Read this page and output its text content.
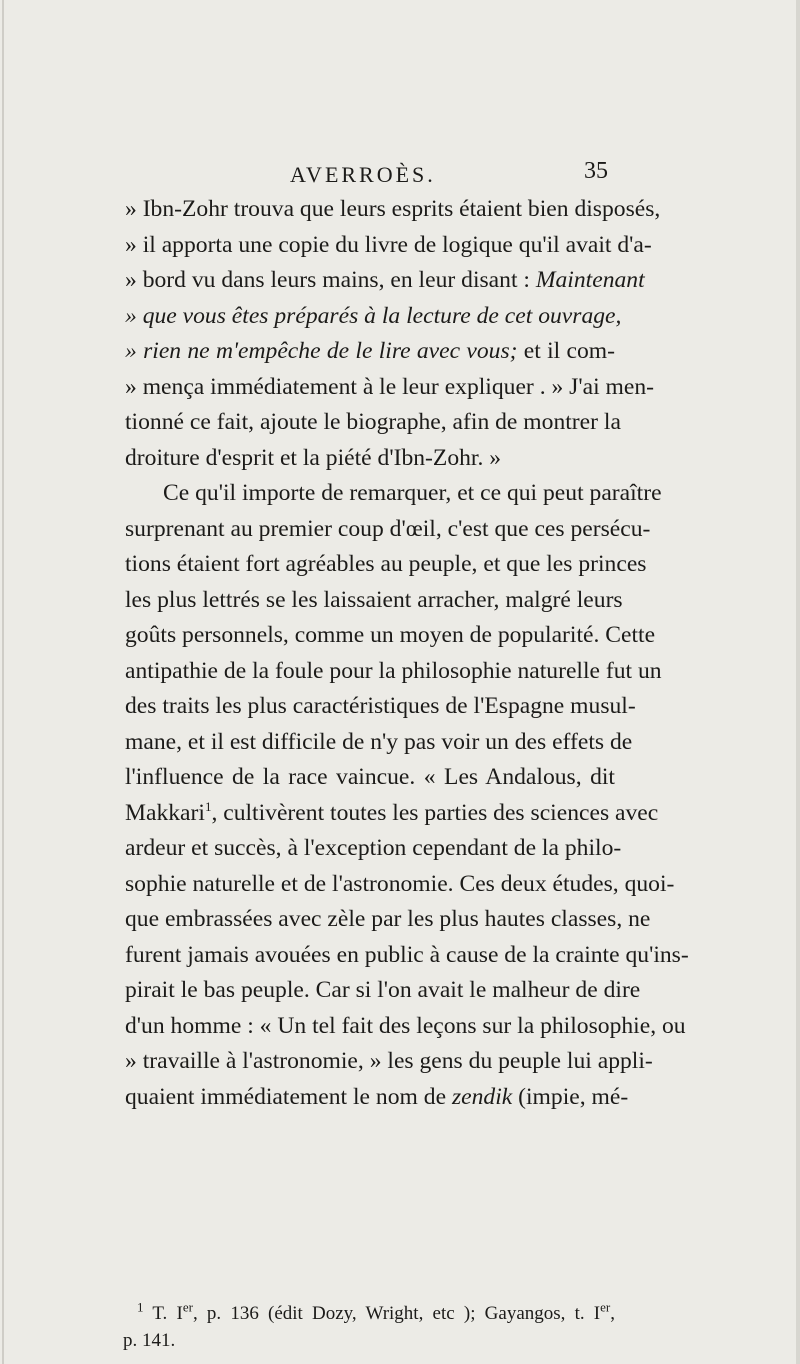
AVERROÈS.	35
» Ibn-Zohr trouva que leurs esprits étaient bien disposés,
» il apporta une copie du livre de logique qu'il avait d'a-
» bord vu dans leurs mains, en leur disant : Maintenant
» que vous êtes préparés à la lecture de cet ouvrage,
» rien ne m'empêche de le lire avec vous; et il com-
» mença immédiatement à le leur expliquer . » J'ai men-
tionné ce fait, ajoute le biographe, afin de montrer la
droiture d'esprit et la piété d'Ibn-Zohr. »
Ce qu'il importe de remarquer, et ce qui peut paraître
surprenant au premier coup d'œil, c'est que ces persécu-
tions étaient fort agréables au peuple, et que les princes
les plus lettrés se les laissaient arracher, malgré leurs
goûts personnels, comme un moyen de popularité. Cette
antipathie de la foule pour la philosophie naturelle fut un
des traits les plus caractéristiques de l'Espagne musul-
mane, et il est difficile de n'y pas voir un des effets de
l'influence de la race vaincue. « Les Andalous, dit
Makkari$^1$, cultivèrent toutes les parties des sciences avec
ardeur et succès, à l'exception cependant de la philo-
sophie naturelle et de l'astronomie. Ces deux études, quoi-
que embrassées avec zèle par les plus hautes classes, ne
furent jamais avouées en public à cause de la crainte qu'ins-
pirait le bas peuple. Car si l'on avait le malheur de dire
d'un homme : « Un tel fait des leçons sur la philosophie, ou
» travaille à l'astronomie, » les gens du peuple lui appli-
quaient immédiatement le nom de zendik (impie, mé-
$^1$ T. Ier, p. 136 (édit Dozy, Wright, etc ); Gayangos, t. Ier,
p. 141.
